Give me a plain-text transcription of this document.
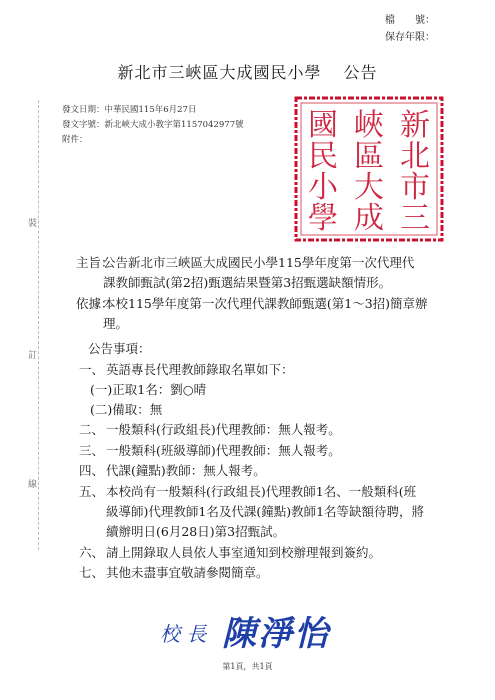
檔　　號：
保存年限：
新北市三峽區大成國民小學 公告
發文日期：中華民國115年6月27日
發文字號：新北峽大成小教字第1157042977號
附件：	新
北
市
三
峽
區
大
成
國
民
小
學
裝
訂
線
主旨：
公告新北市三峽區大成國民小學115學年度第一次代理代
課教師甄試(第2招)甄選結果暨第3招甄選缺額情形。
依據：
本校115學年度第一次代理代課教師甄選(第1～3招)簡章辦
理。
公告事項：
一、 英語專長代理教師錄取名單如下：
(一)正取1名：劉○晴
(二)備取：無
二、 一般類科(行政組長)代理教師：無人報考。
三、 一般類科(班級導師)代理教師：無人報考。
四、 代課(鐘點)教師：無人報考。
五、 本校尚有一般類科(行政組長)代理教師1名、一般類科(班
級導師)代理教師1名及代課(鐘點)教師1名等缺額待聘，將
續辦明日(6月28日)第3招甄試。
六、 請上開錄取人員依人事室通知到校辦理報到簽約。
七、 其他未盡事宜敬請參閱簡章。
校 長 陳淨怡
第1頁，共1頁
